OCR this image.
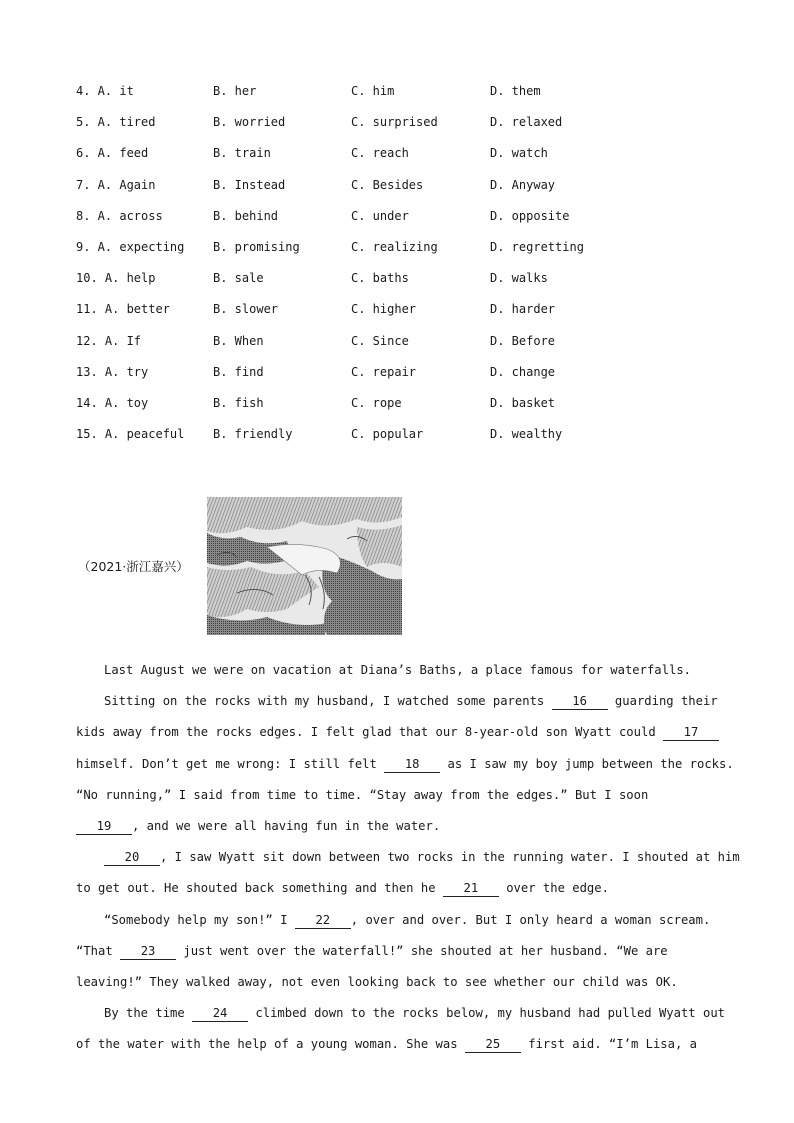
4. A. it	B. her	C. him	D. them
5. A. tired	B. worried	C. surprised	D. relaxed
6. A. feed	B. train	C. reach	D. watch
7. A. Again	B. Instead	C. Besides	D. Anyway
8. A. across	B. behind	C. under	D. opposite
9. A. expecting B. promising	C. realizing	D. regretting
10. A. help	B. sale	C. baths	D. walks
11. A. better	B. slower	C. higher	D. harder
12. A. If	B. When	C. Since	D. Before
13. A. try	B. find	C. repair	D. change
14. A. toy	B. fish	C. rope	D. basket
15. A. peaceful B. friendly	C. popular	D. wealthy
（2021·浙江嘉兴）
Last August we were on vacation at Diana’s Baths, a place famous for waterfalls.
Sitting on the rocks with my husband, I watched some parents 16 guarding their
kids away from the rocks edges. I felt glad that our 8-year-old son Wyatt could 17
himself. Don’t get me wrong: I still felt 18 as I saw my boy jump between the rocks.
“No running,” I said from time to time. “Stay away from the edges.” But I soon
19 , and we were all having fun in the water.
20 , I saw Wyatt sit down between two rocks in the running water. I shouted at him
to get out. He shouted back something and then he 21 over the edge.
“Somebody help my son!” I 22 , over and over. But I only heard a woman scream.
“That 23 just went over the waterfall!” she shouted at her husband. “We are
leaving!” They walked away, not even looking back to see whether our child was OK.
By the time 24 climbed down to the rocks below, my husband had pulled Wyatt out
of the water with the help of a young woman. She was 25 first aid. “I’m Lisa, a
